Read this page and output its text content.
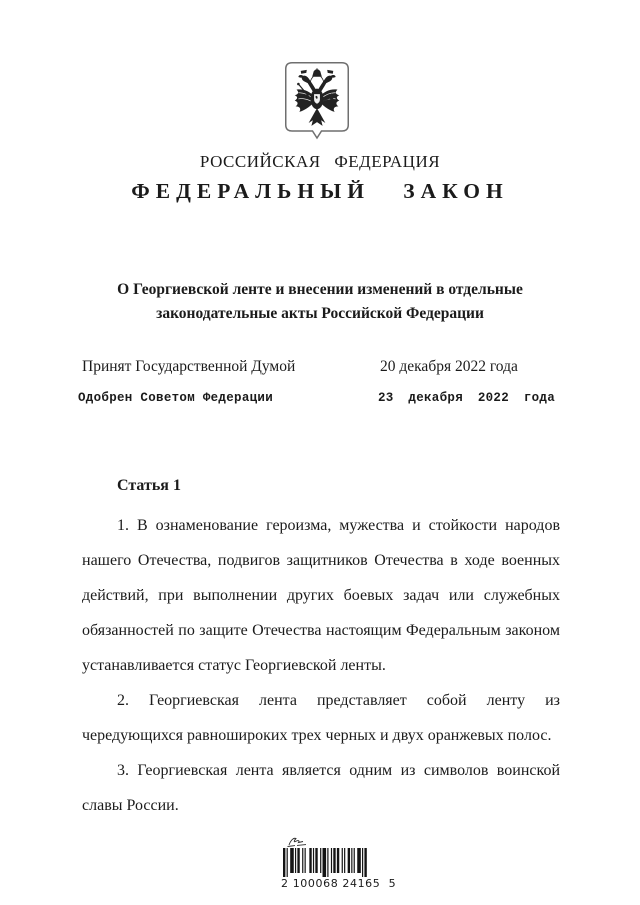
РОССИЙСКАЯ ФЕДЕРАЦИЯ
ФЕДЕРАЛЬНЫЙ ЗАКОН
О Георгиевской ленте и внесении изменений в отдельные
законодательные акты Российской Федерации
Принят Государственной Думой	20 декабря 2022 года
Одобрен Советом Федерации	23 декабря 2022 года
Статья 1

1. В ознаменование героизма, мужества и стойкости народов нашего Отечества, подвигов защитников Отечества в ходе военных действий, при выполнении других боевых задач или служебных обязанностей по защите Отечества настоящим Федеральным законом устанавливается статус Георгиевской ленты.

2. Георгиевская лента представляет собой ленту из чередующихся равношироких трех черных и двух оранжевых полос.

3. Георгиевская лента является одним из символов воинской славы России.

2 100068 24165  5
